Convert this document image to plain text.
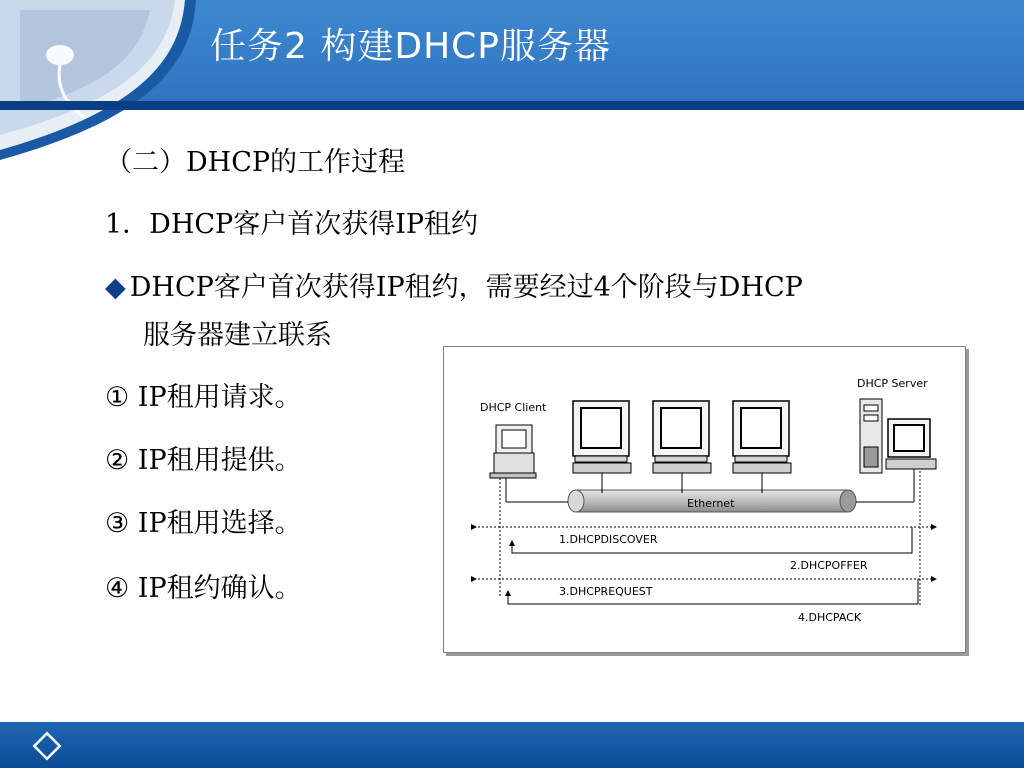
任务2 构建DHCP服务器
（二）DHCP的工作过程
1．DHCP客户首次获得IP租约
◆ DHCP客户首次获得IP租约，需要经过4个阶段与DHCP
服务器建立联系
① IP租用请求。
② IP租用提供。
③ IP租用选择。
④ IP租约确认。
DHCP Client
DHCP Server
Ethernet
1.DHCPDISCOVER
2.DHCPOFFER
3.DHCPREQUEST
4.DHCPACK
